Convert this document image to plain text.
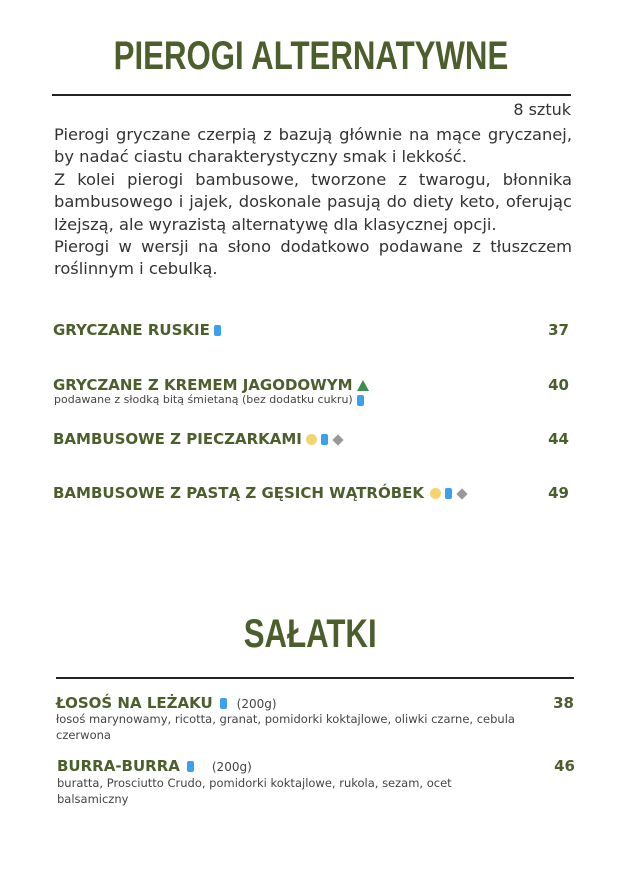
PIEROGI ALTERNATYWNE
8 sztuk

Pierogi gryczane czerpią z bazują głównie na mące gryczanej, by nadać ciastu charakterystyczny smak i lekkość.

Z kolei pierogi bambusowe, tworzone z twarogu, błonnika bambusowego i jajek, doskonale pasują do diety keto, oferując lżejszą, ale wyrazistą alternatywę dla klasycznej opcji.

Pierogi w wersji na słono dodatkowo podawane z tłuszczem roślinnym i cebulką.

GRYCZANE RUSKIE	37
GRYCZANE Z KREMEM JAGODOWYM	40
podawane z słodką bitą śmietaną (bez dodatku cukru)
BAMBUSOWE Z PIECZARKAMI	44
BAMBUSOWE Z PASTĄ Z GĘSICH WĄTRÓBEK	49
SAŁATKI
ŁOSOŚ NA LEŻAKU (200g)	38
łosoś marynowamy, ricotta, granat, pomidorki koktajlowe, oliwki czarne, cebula czerwona
BURRA-BURRA	(200g)	46
buratta, Prosciutto Crudo, pomidorki koktajlowe, rukola, sezam, ocet balsamiczny
